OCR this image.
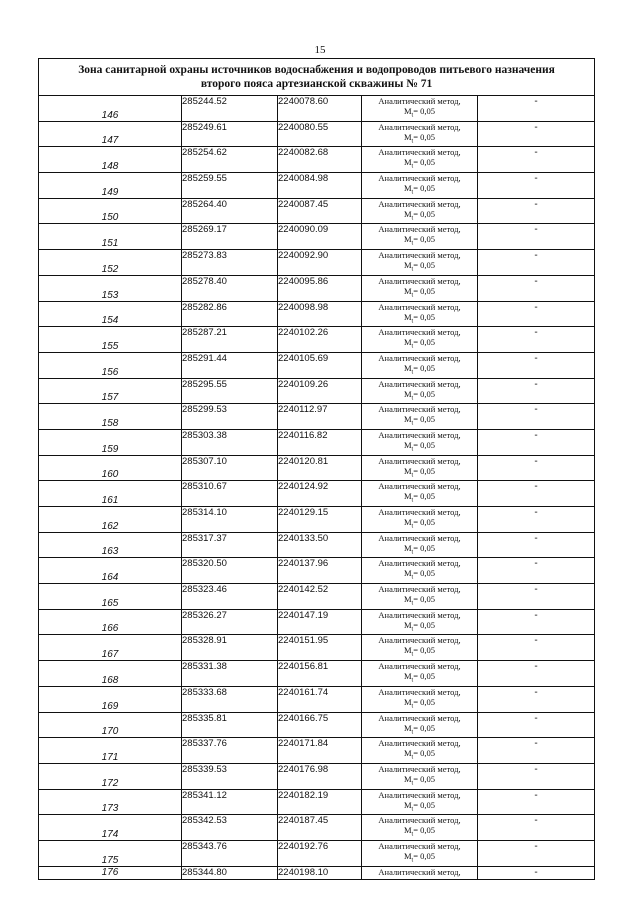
15
Зона санитарной охраны источников водоснабжения и водопроводов питьевого назначения
второго пояса артезианской скважины № 71				
146	285244.52	2240078.60	Аналитический метод,
$M_t= 0,05$	-
147	285249.61	2240080.55	Аналитический метод,
$M_t= 0,05$	-
148	285254.62	2240082.68	Аналитический метод,
$M_t= 0,05$	-
149	285259.55	2240084.98	Аналитический метод,
$M_t= 0,05$	-
150	285264.40	2240087.45	Аналитический метод,
$M_t= 0,05$	-
151	285269.17	2240090.09	Аналитический метод,
$M_t= 0,05$	-
152	285273.83	2240092.90	Аналитический метод,
$M_t= 0,05$	-
153	285278.40	2240095.86	Аналитический метод,
$M_t= 0,05$	-
154	285282.86	2240098.98	Аналитический метод,
$M_t= 0,05$	-
155	285287.21	2240102.26	Аналитический метод,
$M_t= 0,05$	-
156	285291.44	2240105.69	Аналитический метод,
$M_t= 0,05$	-
157	285295.55	2240109.26	Аналитический метод,
$M_t= 0,05$	-
158	285299.53	2240112.97	Аналитический метод,
$M_t= 0,05$	-
159	285303.38	2240116.82	Аналитический метод,
$M_t= 0,05$	-
160	285307.10	2240120.81	Аналитический метод,
$M_t= 0,05$	-
161	285310.67	2240124.92	Аналитический метод,
$M_t= 0,05$	-
162	285314.10	2240129.15	Аналитический метод,
$M_t= 0,05$	-
163	285317.37	2240133.50	Аналитический метод,
$M_t= 0,05$	-
164	285320.50	2240137.96	Аналитический метод,
$M_t= 0,05$	-
165	285323.46	2240142.52	Аналитический метод,
$M_t= 0,05$	-
166	285326.27	2240147.19	Аналитический метод,
$M_t= 0,05$	-
167	285328.91	2240151.95	Аналитический метод,
$M_t= 0,05$	-
168	285331.38	2240156.81	Аналитический метод,
$M_t= 0,05$	-
169	285333.68	2240161.74	Аналитический метод,
$M_t= 0,05$	-
170	285335.81	2240166.75	Аналитический метод,
$M_t= 0,05$	-
171	285337.76	2240171.84	Аналитический метод,
$M_t= 0,05$	-
172	285339.53	2240176.98	Аналитический метод,
$M_t= 0,05$	-
173	285341.12	2240182.19	Аналитический метод,
$M_t= 0,05$	-
174	285342.53	2240187.45	Аналитический метод,
$M_t= 0,05$	-
175	285343.76	2240192.76	Аналитический метод,
$M_t= 0,05$	-
176	285344.80	2240198.10	Аналитический метод,	-
